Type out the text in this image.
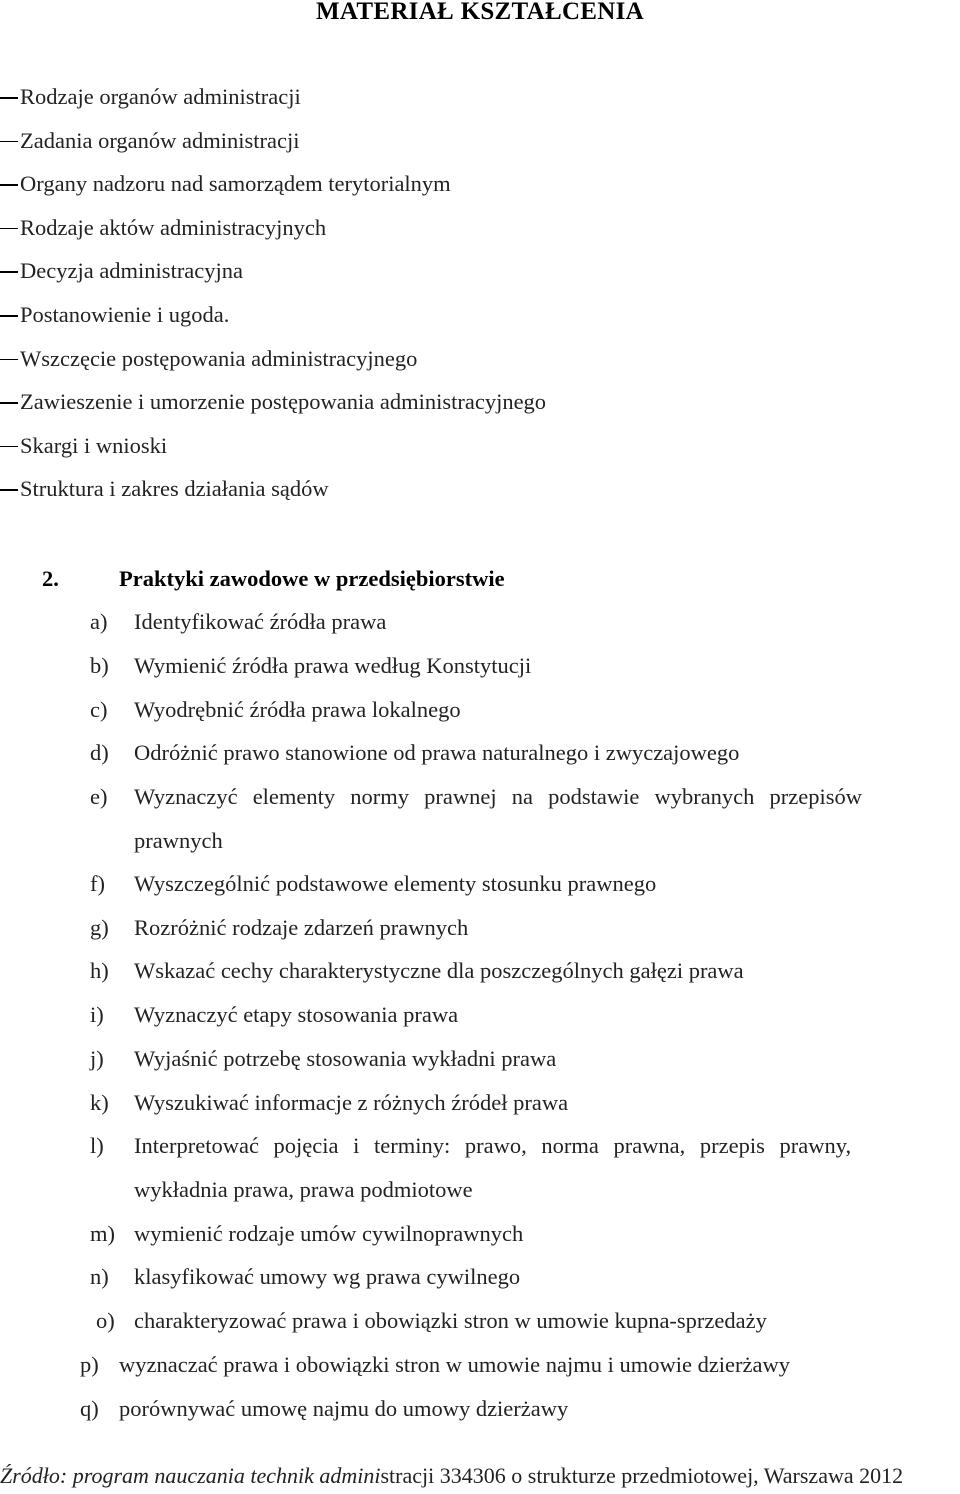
MATERIAŁ KSZTAŁCENIA
Rodzaje organów administracji
Zadania organów administracji
Organy nadzoru nad samorządem terytorialnym
Rodzaje aktów administracyjnych
Decyzja administracyjna
Postanowienie i ugoda.
Wszczęcie postępowania administracyjnego
Zawieszenie i umorzenie postępowania administracyjnego
Skargi i wnioski
Struktura i zakres działania sądów
2.	Praktyki zawodowe w przedsiębiorstwie
a) Identyfikować źródła prawa
b) Wymienić źródła prawa według Konstytucji
c) Wyodrębnić źródła prawa lokalnego
d) Odróżnić prawo stanowione od prawa naturalnego i zwyczajowego
e) Wyznaczyć elementy normy prawnej na podstawie wybranych przepisów
prawnych
f) Wyszczególnić podstawowe elementy stosunku prawnego
g) Rozróżnić rodzaje zdarzeń prawnych
h) Wskazać cechy charakterystyczne dla poszczególnych gałęzi prawa
i) Wyznaczyć etapy stosowania prawa
j) Wyjaśnić potrzebę stosowania wykładni prawa
k) Wyszukiwać informacje z różnych źródeł prawa
l) Interpretować pojęcia i terminy: prawo, norma prawna, przepis prawny,
wykładnia prawa, prawa podmiotowe
m) wymienić rodzaje umów cywilnoprawnych
n) klasyfikować umowy wg prawa cywilnego
o) charakteryzować prawa i obowiązki stron w umowie kupna-sprzedaży
p) wyznaczać prawa i obowiązki stron w umowie najmu i umowie dzierżawy
q) porównywać umowę najmu do umowy dzierżawy
Źródło: program nauczania technik administracji 334306 o strukturze przedmiotowej, Warszawa 2012
